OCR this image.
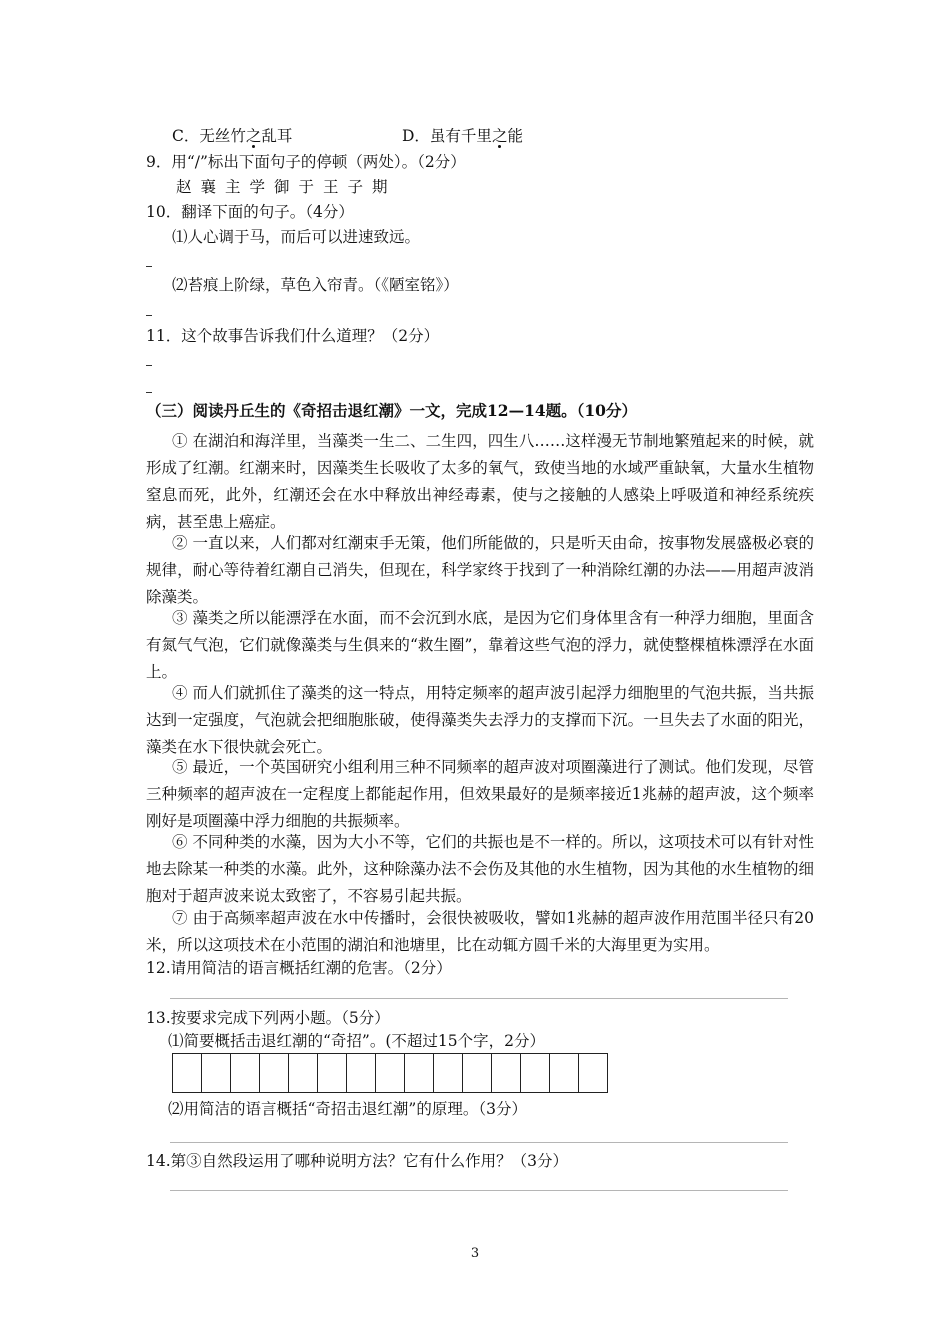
C．无丝竹之
乱耳	D．虽有千里之
能
9．用“/”标出下面句子的停顿（两处）。（2分）
赵襄主学御于王子期
10．翻译下面的句子。（4分）
⑴人心调于马，而后可以进速致远。
⑵苔痕上阶绿，草色入帘青。（《陋室铭》）
11．这个故事告诉我们什么道理？（2分）
（三）阅读丹丘生的《奇招击退红潮》一文，完成12—14题。（10分）
① 在湖泊和海洋里，当藻类一生二、二生四，四生八……这样漫无节制地繁殖起来的时候，就形成了红潮。红潮来时，因藻类生长吸收了太多的氧气，致使当地的水域严重缺氧，大量水生植物窒息而死，此外，红潮还会在水中释放出神经毒素，使与之接触的人感染上呼吸道和神经系统疾病，甚至患上癌症。
② 一直以来，人们都对红潮束手无策，他们所能做的，只是听天由命，按事物发展盛极必衰的规律，耐心等待着红潮自己消失，但现在，科学家终于找到了一种消除红潮的办法——用超声波消除藻类。
③ 藻类之所以能漂浮在水面，而不会沉到水底，是因为它们身体里含有一种浮力细胞，里面含有氮气气泡，它们就像藻类与生俱来的“救生圈”，靠着这些气泡的浮力，就使整棵植株漂浮在水面上。
④ 而人们就抓住了藻类的这一特点，用特定频率的超声波引起浮力细胞里的气泡共振，当共振达到一定强度，气泡就会把细胞胀破，使得藻类失去浮力的支撑而下沉。一旦失去了水面的阳光，藻类在水下很快就会死亡。
⑤ 最近，一个英国研究小组利用三种不同频率的超声波对项圈藻进行了测试。他们发现，尽管三种频率的超声波在一定程度上都能起作用，但效果最好的是频率接近1兆赫的超声波，这个频率刚好是项圈藻中浮力细胞的共振频率。
⑥ 不同种类的水藻，因为大小不等，它们的共振也是不一样的。所以，这项技术可以有针对性地去除某一种类的水藻。此外，这种除藻办法不会伤及其他的水生植物，因为其他的水生植物的细胞对于超声波来说太致密了，不容易引起共振。
⑦ 由于高频率超声波在水中传播时，会很快被吸收，譬如1兆赫的超声波作用范围半径只有20米，所以这项技术在小范围的湖泊和池塘里，比在动辄方圆千米的大海里更为实用。
12.请用简洁的语言概括红潮的危害。（2分）
13.按要求完成下列两小题。（5分）
⑴简要概括击退红潮的“奇招”。(不超过15个字，2分）
⑵用简洁的语言概括“奇招击退红潮”的原理。（3分）
14.第③自然段运用了哪种说明方法？它有什么作用？（3分）
3
